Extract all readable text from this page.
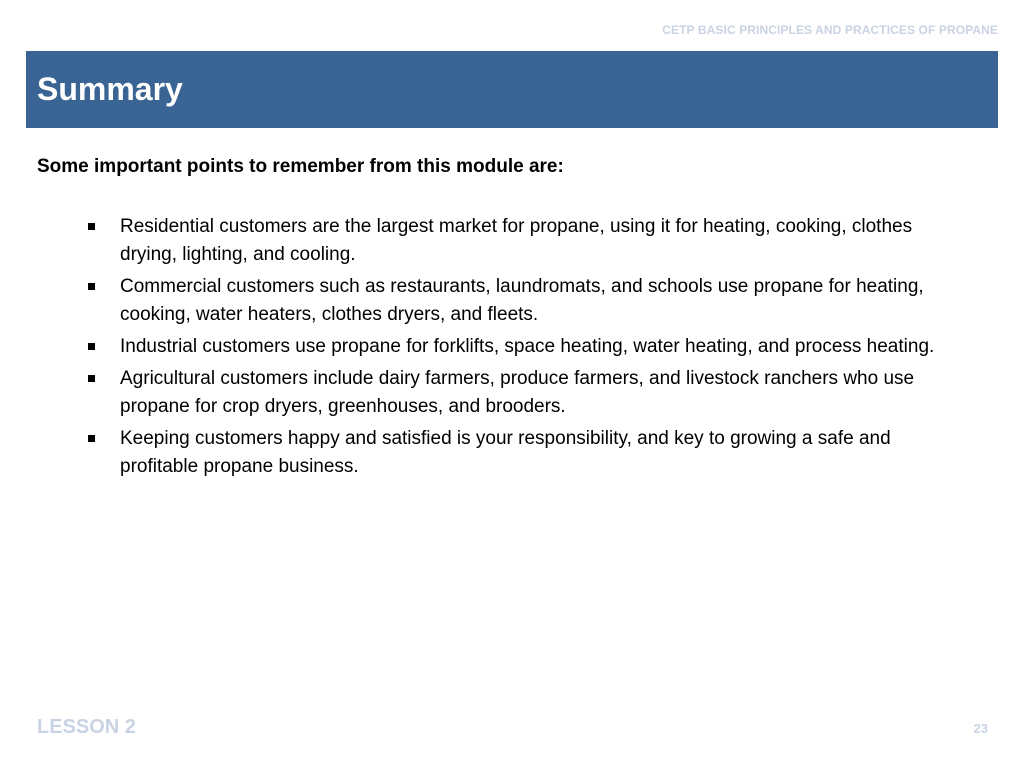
CETP BASIC PRINCIPLES AND PRACTICES OF PROPANE
Summary
Some important points to remember from this module are:
Residential customers are the largest market for propane, using it for heating, cooking, clothes drying, lighting, and cooling.
Commercial customers such as restaurants, laundromats, and schools use propane for heating, cooking, water heaters, clothes dryers, and fleets.
Industrial customers use propane for forklifts, space heating, water heating, and process heating.
Agricultural customers include dairy farmers, produce farmers, and livestock ranchers who use propane for crop dryers, greenhouses, and brooders.
Keeping customers happy and satisfied is your responsibility, and key to growing a safe and profitable propane business.
LESSON 2	23
